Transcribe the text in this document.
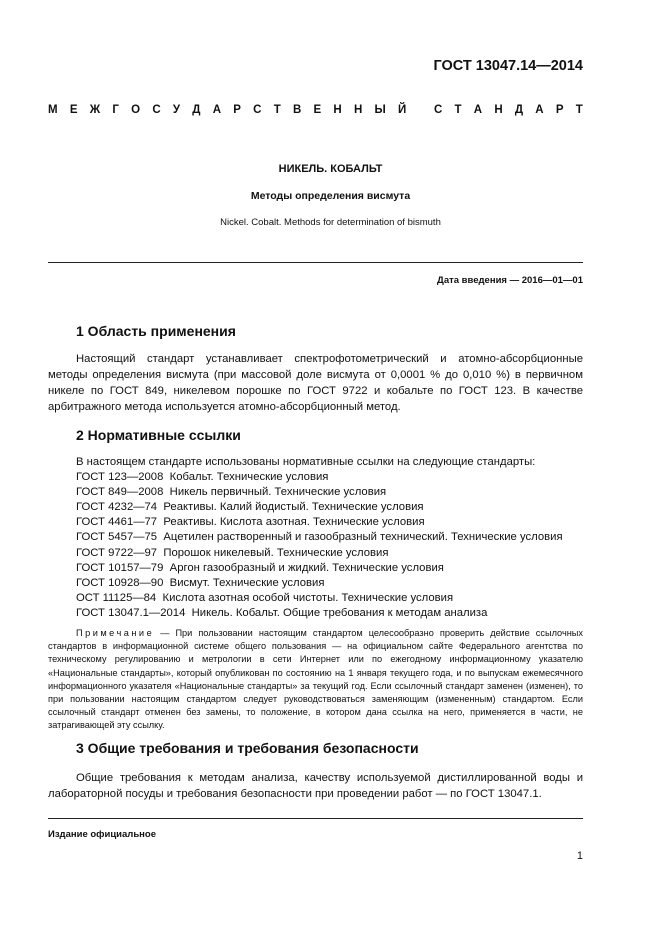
ГОСТ 13047.14—2014
М Е Ж Г О С У Д А Р С Т В Е Н Н Ы Й
С Т А Н Д А Р Т
НИКЕЛЬ. КОБАЛЬТ
Методы определения висмута
Nickel. Cobalt. Methods for determination of bismuth
Дата введения — 2016—01—01
1 Область применения

Настоящий стандарт устанавливает спектрофотометрический и атомно-абсорбционные методы определения висмута (при массовой доле висмута от 0,0001 % до 0,010 %) в первичном никеле по ГОСТ 849, никелевом порошке по ГОСТ 9722 и кобальте по ГОСТ 123. В качестве арбитражного метода используется атомно-абсорбционный метод.

2 Нормативные ссылки
В настоящем стандарте использованы нормативные ссылки на следующие стандарты:
ГОСТ 123—2008 Кобальт. Технические условия
ГОСТ 849—2008 Никель первичный. Технические условия
ГОСТ 4232—74 Реактивы. Калий йодистый. Технические условия
ГОСТ 4461—77 Реактивы. Кислота азотная. Технические условия
ГОСТ 5457—75 Ацетилен растворенный и газообразный технический. Технические условия
ГОСТ 9722—97 Порошок никелевый. Технические условия
ГОСТ 10157—79 Аргон газообразный и жидкий. Технические условия
ГОСТ 10928—90 Висмут. Технические условия
ОСТ 11125—84 Кислота азотная особой чистоты. Технические условия
ГОСТ 13047.1—2014 Никель. Кобальт. Общие требования к методам анализа

Примечание — При пользовании настоящим стандартом целесообразно проверить действие ссылочных стандартов в информационной системе общего пользования — на официальном сайте Федерального агентства по техническому регулированию и метрологии в сети Интернет или по ежегодному информационному указателю «Национальные стандарты», который опубликован по состоянию на 1 января текущего года, и по выпускам ежемесячного информационного указателя «Национальные стандарты» за текущий год. Если ссылочный стандарт заменен (изменен), то при пользовании настоящим стандартом следует руководствоваться заменяющим (измененным) стандартом. Если ссылочный стандарт отменен без замены, то положение, в котором дана ссылка на него, применяется в части, не затрагивающей эту ссылку.

3 Общие требования и требования безопасности

Общие требования к методам анализа, качеству используемой дистиллированной воды и лабораторной посуды и требования безопасности при проведении работ — по ГОСТ 13047.1.

Издание официальное
1
